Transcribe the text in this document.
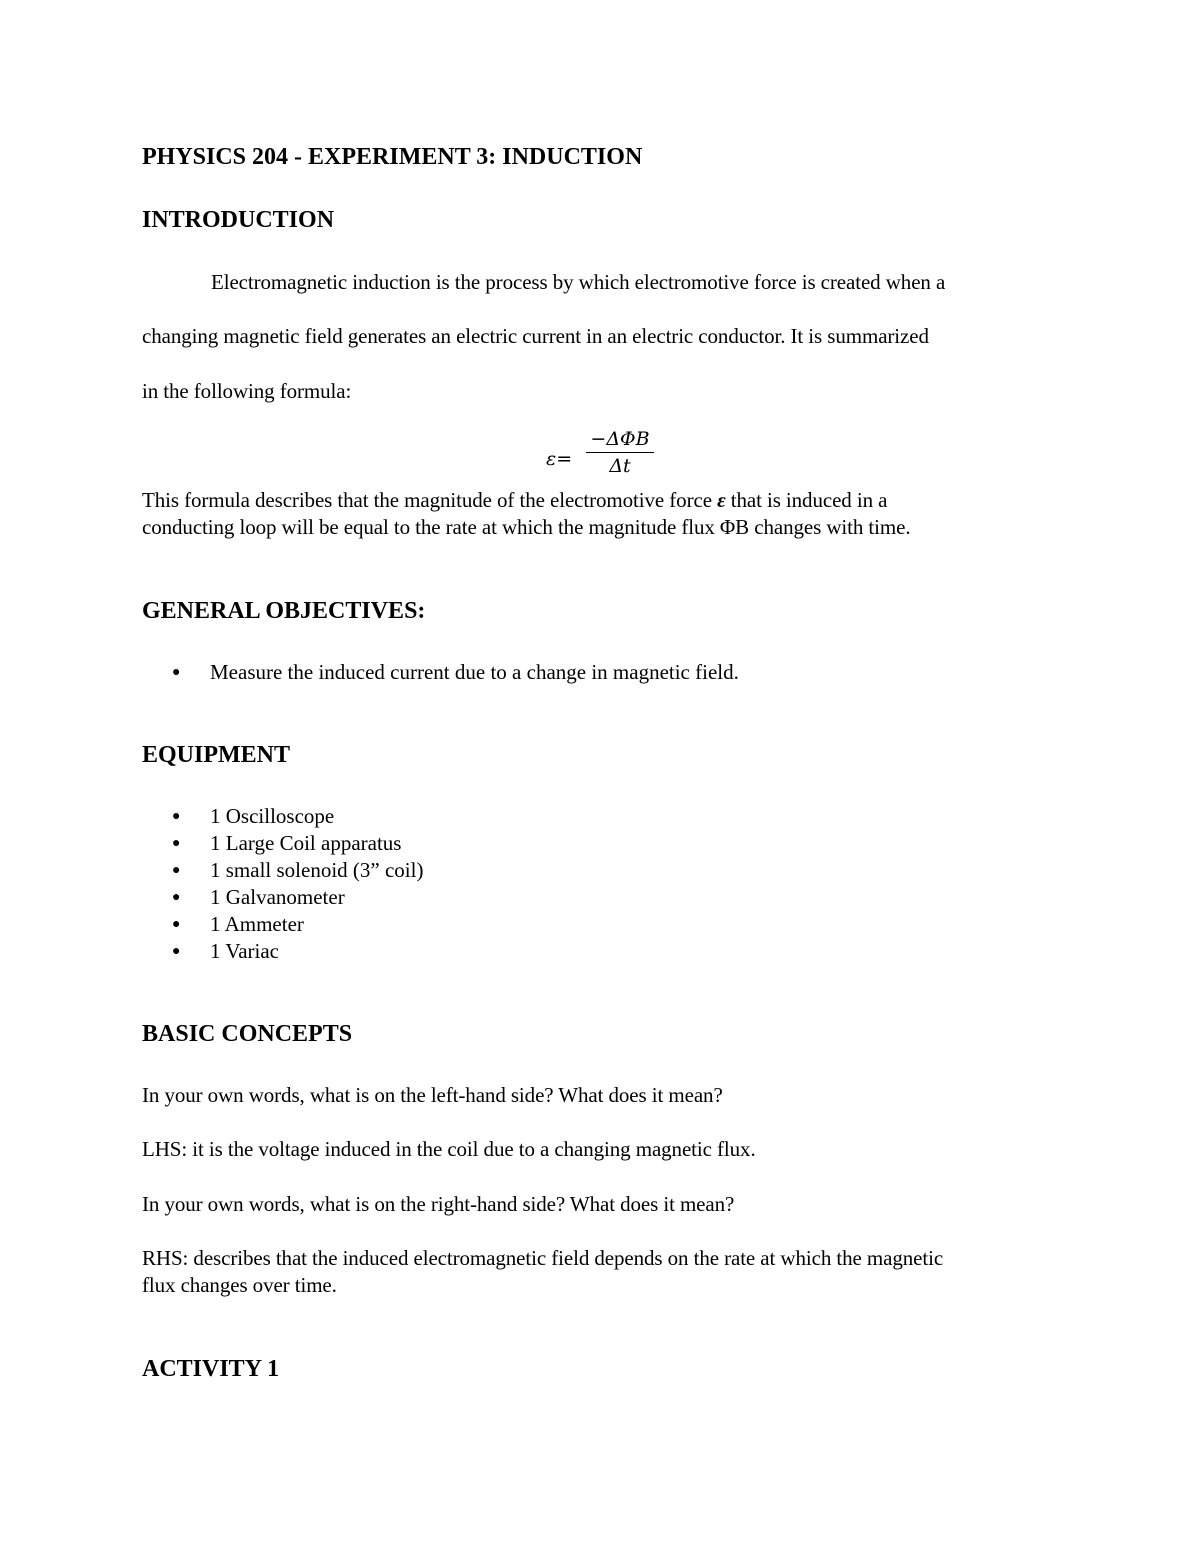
PHYSICS 204 - EXPERIMENT 3: INDUCTION
INTRODUCTION
Electromagnetic induction is the process by which electromotive force is created when a
changing magnetic field generates an electric current in an electric conductor. It is summarized
in the following formula:
ε=
−ΔΦB
Δt
This formula describes that the magnitude of the electromotive force ε that is induced in a
conducting loop will be equal to the rate at which the magnitude flux ΦB changes with time.
GENERAL OBJECTIVES:
● Measure the induced current due to a change in magnetic field.
EQUIPMENT
● 1 Oscilloscope
● 1 Large Coil apparatus
● 1 small solenoid (3” coil)
● 1 Galvanometer
● 1 Ammeter
● 1 Variac
BASIC CONCEPTS
In your own words, what is on the left-hand side? What does it mean?
LHS: it is the voltage induced in the coil due to a changing magnetic flux.
In your own words, what is on the right-hand side? What does it mean?
RHS: describes that the induced electromagnetic field depends on the rate at which the magnetic
flux changes over time.
ACTIVITY 1
